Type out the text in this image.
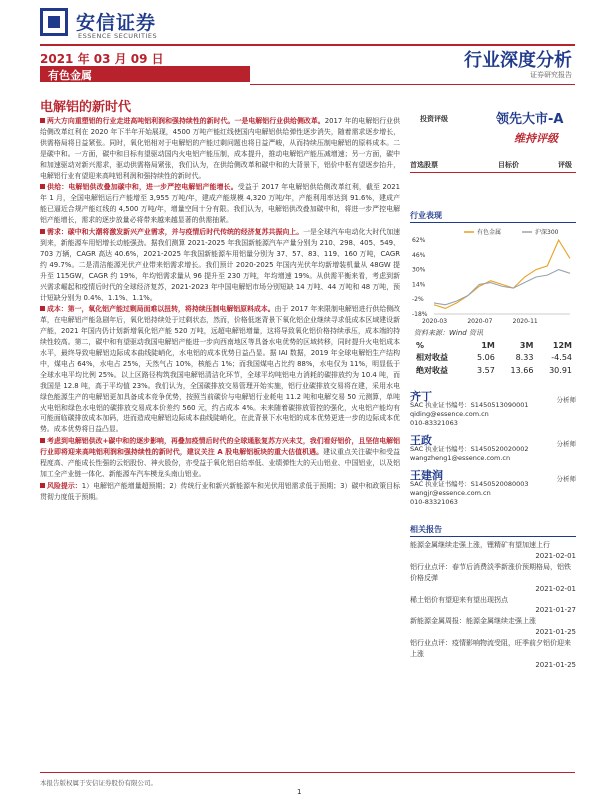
安信证券
ESSENCE SECURITIES
2021 年 03 月 09 日	行业深度分析
证券研究报告
有色金属
电解铝的新时代

两大方向重塑铝的行业走进高吨铝利润和强持续性的新时代。一是电解铝行业供给侧改革。2017 年的电解铝行业供给侧改革红利在 2020 年下半年开始展现，4500 万吨产能红线使国内电解铝供给弹性逐步消失，随着需求逐步增长，供需格局将日益紧张。同时，氧化铝相对于电解铝的产能过剩问题也将日益严峻，从而持续压制电解铝的原料成本。二是碳中和。一方面，碳中和目标有望驱动国内火电铝产能压制，成本提升，推动电解铝产能压减增速；另一方面，碳中和加速驱动对新兴需求，驱动供需格局紧张，我们认为，在供给侧改革和碳中和的大背景下，铝价中枢有望逐步抬升，电解铝行业有望迎来高吨铝利润和强持续性的新时代。

供给：电解铝供改叠加碳中和，进一步严控电解铝产能增长。受益于 2017 年电解铝供给侧改革红利，截至 2021 年 1 月，全国电解铝运行产能增至 3,955 万吨/年，建成产能规模 4,320 万吨/年，产能利用率达到 91.6%，建成产能已逼近合规产能红线的 4,500 万吨/年，增量空间十分有限。我们认为，电解铝供改叠加碳中和，将进一步严控电解铝产能增长，需求的逐步放量必将带来越来越显著的供需抽紧。

需求：碳中和大潮将激发新兴产业需求，并与疫情后时代传统的经济复苏共振向上。一是全球汽车电动化大时代加速到来，新能源车用铝增长动能强劲。据我们测算 2021-2025 年我国新能源汽车产量分别为 210、298、405、549、703 万辆，CAGR 高达 40.6%，2021-2025 年我国新能源车用铝量分别为 37、57、83、119、160 万吨，CAGR 约 49.7%。二是清洁能源光伏产业带来铝需求增长。我们预计 2020-2025 年国内光伏年均新增装机量从 48GW 提升至 115GW，CAGR 约 19%，年均铝需求量从 96 提升至 230 万吨，年均增速 19%。从供需平衡来看，考虑到新兴需求崛起和疫情后时代的全球经济复苏，2021-2023 年中国电解铝市场分别短缺 14 万吨、44 万吨和 48 万吨，预计短缺分别为 0.4%、1.1%、1.1%。

成本：第一，氧化铝产能过剩局面难以扭转，将持续压制电解铝原料成本。由于 2017 年来限制电解铝进行供给侧改革，在电解铝产能急剧年后，氧化铝持续处于过剩状态，然而，价格低迷背景下氧化铝企业继续寻求低成本区域建设新产能，2021 年国内仍计划新增氧化铝产能 520 万吨，远超电解铝增量，这将导致氧化铝价格持续承压，成本端的持续性较高。第二，碳中和有望驱动我国电解铝产能进一步向西南地区等具备水电优势的区域转移，同时提升火电铝成本水平，最终导致电解铝边际成本曲线陡峭化，水电铝的成本优势日益凸显。据 IAI 数据，2019 年全球电解铝生产结构中，煤电占 64%，水电占 25%，天然气占 10%，核能占 1%；而我国煤电占比约 88%，水电仅为 11%，明显低于全球水电平均比例 25%。以上区路径构筑我国电解铝清洁化环节，全球平均吨铝电力消耗的碳排放约为 10.4 吨，而我国是 12.8 吨，高于平均值 23%。我们认为，全国碳排放交易管理开始实施，铝行业碳排放交易将在建，采用水电绿色能源生产的电解铝更加具备成本竞争优势，按照当前碳价与电解铝行业耗电 11.2 吨和电解交易 50 元测算，单吨火电铝和绿色水电铝的碳排放交易成本价差约 560 元，约占成本 4%。未来随着碳排放管控的强化，火电铝产能均有可能面临碳排放成本加码，进而造成电解铝边际成本曲线陡峭化，在此背景下水电铝的成本优势更进一步的边际成本优势。成本优势将日益凸显。

考虑到电解铝供改+碳中和的逐步影响，再叠加疫情后时代的全球通胀复苏方兴未艾，我们看好铝价，且坚信电解铝行业即将迎来高吨铝利润和强持续性的新时代，建议关注 A 股电解铝板块的重大估值机遇。建议重点关注碳中和受益程度高、产能成长性强的云铝股份、神火股份，亦受益于氧化铝自给率低、业绩弹性大的天山铝业、中国铝业，以及铝加工全产业链一体化、新能源车汽车模龙头南山铝业。

风险提示：1）电解铝产能增量超预期；2）传统行业和新兴新能源车和光伏用铝需求低于预期；3）碳中和政策目标贯彻力度低于预期。

投资评级	领先大市-A
维持评级
首选股票	目标价	评级
行业表现
62%
46%
30%
14%
-2%
-18%
2020-03	2020-07	2020-11
有色金属	沪深300
资料来源：Wind 资讯
%	1M	3M	12M
相对收益	5.06	8.33	-4.54
绝对收益	3.57	13.66	30.91
齐丁	分析师
SAC 执业证书编号：S1450513090001
qiding@essence.com.cn
010-83321063
王政	分析师
SAC 执业证书编号：S1450520020002
wangzheng1@essence.com.cn
王建润	分析师
SAC 执业证书编号：S1450520080003
wangjr@essence.com.cn
010-83321063
相关报告
能源金属继续走强上涨，锂精矿有望加速上行
2021-02-01
铝行业点评：春节后消费淡季新涨价预期格局，铝铁价格反弹
2021-02-01
稀土铝价有望迎来有望出现拐点
2021-01-27
新能源金属周报：能源金属继续走强上涨
2021-01-25
铝行业点评：疫情影响物流受阻，旺季前夕铝价迎来上涨
2021-01-25
本报告版权属于安信证券股份有限公司。
1
